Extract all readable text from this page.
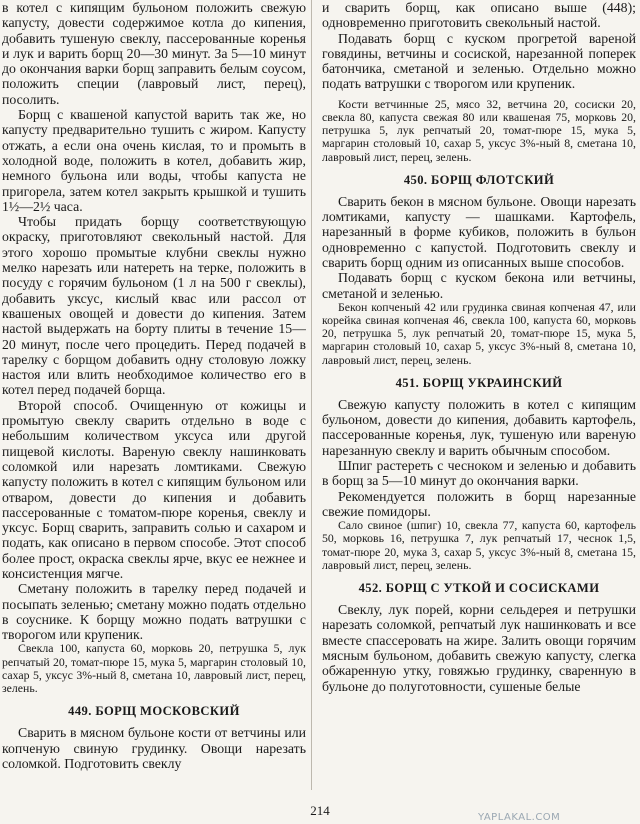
в котел с кипящим бульоном положить свежую капусту, довести содержимое котла до кипения, добавить тушеную свеклу, пассерованные коренья и лук и варить борщ 20—30 минут. За 5—10 минут до окончания варки борщ заправить белым соусом, положить специи (лавровый лист, перец), посолить.

Борщ с квашеной капустой варить так же, но капусту предварительно тушить с жиром. Капусту отжать, а если она очень кислая, то и промыть в холодной воде, положить в котел, добавить жир, немного бульона или воды, чтобы капуста не пригорела, затем котел закрыть крышкой и тушить 1½—2½ часа.

Чтобы придать борщу соответствующую окраску, приготовляют свекольный настой. Для этого хорошо промытые клубни свеклы нужно мелко нарезать или натереть на терке, положить в посуду с горячим бульоном (1 л на 500 г свеклы), добавить уксус, кислый квас или рассол от квашеных овощей и довести до кипения. Затем настой выдержать на борту плиты в течение 15—20 минут, после чего процедить. Перед подачей в тарелку с борщом добавить одну столовую ложку настоя или влить необходимое количество его в котел перед подачей борща.

Второй способ. Очищенную от кожицы и промытую свеклу сварить отдельно в воде с небольшим количеством уксуса или другой пищевой кислоты. Вареную свеклу нашинковать соломкой или нарезать ломтиками. Свежую капусту положить в котел с кипящим бульоном или отваром, довести до кипения и добавить пассерованные с томатом-пюре коренья, свеклу и уксус. Борщ сварить, заправить солью и сахаром и подать, как описано в первом способе. Этот способ более прост, окраска свеклы ярче, вкус ее нежнее и консистенция мягче.

Сметану положить в тарелку перед подачей и посыпать зеленью; сметану можно подать отдельно в соуснике. К борщу можно подать ватрушки с творогом или крупеник.

Свекла 100, капуста 60, морковь 20, петрушка 5, лук репчатый 20, томат-пюре 15, мука 5, маргарин столовый 10, сахар 5, уксус 3%-ный 8, сметана 10, лавровый лист, перец, зелень.

449. БОРЩ МОСКОВСКИЙ

Сварить в мясном бульоне кости от ветчины или копченую свиную грудинку. Овощи нарезать соломкой. Подготовить свеклу

и сварить борщ, как описано выше (448); одновременно приготовить свекольный настой.

Подавать борщ с куском прогретой вареной говядины, ветчины и сосиской, нарезанной поперек батончика, сметаной и зеленью. Отдельно можно подать ватрушки с творогом или крупеник.

Кости ветчинные 25, мясо 32, ветчина 20, сосиски 20, свекла 80, капуста свежая 80 или квашеная 75, морковь 20, петрушка 5, лук репчатый 20, томат-пюре 15, мука 5, маргарин столовый 10, сахар 5, уксус 3%-ный 8, сметана 10, лавровый лист, перец, зелень.

450. БОРЩ ФЛОТСКИЙ

Сварить бекон в мясном бульоне. Овощи нарезать ломтиками, капусту — шашками. Картофель, нарезанный в форме кубиков, положить в бульон одновременно с капустой. Подготовить свеклу и сварить борщ одним из описанных выше способов.

Подавать борщ с куском бекона или ветчины, сметаной и зеленью.

Бекон копченый 42 или грудинка свиная копченая 47, или корейка свиная копченая 46, свекла 100, капуста 60, морковь 20, петрушка 5, лук репчатый 20, томат-пюре 15, мука 5, маргарин столовый 10, сахар 5, уксус 3%-ный 8, сметана 10, лавровый лист, перец, зелень.

451. БОРЩ УКРАИНСКИЙ

Свежую капусту положить в котел с кипящим бульоном, довести до кипения, добавить картофель, пассерованные коренья, лук, тушеную или вареную нарезанную свеклу и варить обычным способом.

Шпиг растереть с чесноком и зеленью и добавить в борщ за 5—10 минут до окончания варки.

Рекомендуется положить в борщ нарезанные свежие помидоры.

Сало свиное (шпиг) 10, свекла 77, капуста 60, картофель 50, морковь 16, петрушка 7, лук репчатый 17, чеснок 1,5, томат-пюре 20, мука 3, сахар 5, уксус 3%-ный 8, сметана 15, лавровый лист, перец, зелень.

452. БОРЩ С УТКОЙ И СОСИСКАМИ

Свеклу, лук порей, корни сельдерея и петрушки нарезать соломкой, репчатый лук нашинковать и все вместе спассеровать на жире. Залить овощи горячим мясным бульоном, добавить свежую капусту, слегка обжаренную утку, говяжью грудинку, сваренную в бульоне до полуготовности, сушеные белые

214	YAPLAKAL.COM
